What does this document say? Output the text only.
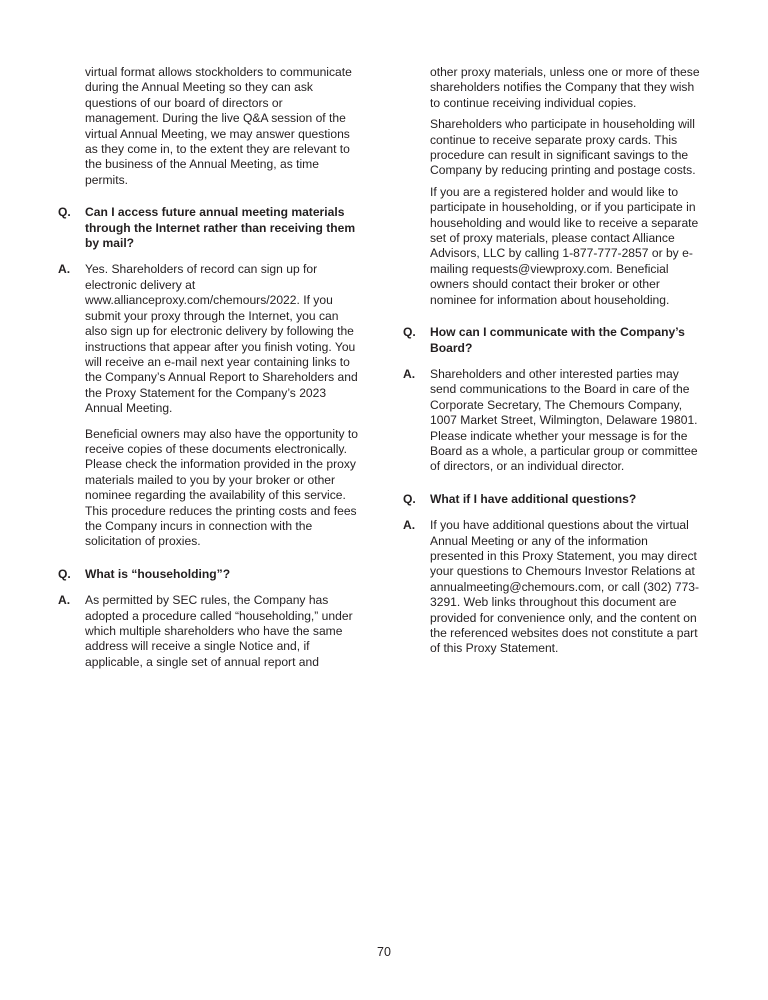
virtual format allows stockholders to communicate during the Annual Meeting so they can ask questions of our board of directors or management. During the live Q&A session of the virtual Annual Meeting, we may answer questions as they come in, to the extent they are relevant to the business of the Annual Meeting, as time permits.

Q. Can I access future annual meeting materials through the Internet rather than receiving them by mail?
A. Yes. Shareholders of record can sign up for electronic delivery at www.allianceproxy.com/chemours/2022. If you submit your proxy through the Internet, you can also sign up for electronic delivery by following the instructions that appear after you finish voting. You will receive an e-mail next year containing links to the Company’s Annual Report to Shareholders and the Proxy Statement for the Company’s 2023 Annual Meeting.

Beneficial owners may also have the opportunity to receive copies of these documents electronically. Please check the information provided in the proxy materials mailed to you by your broker or other nominee regarding the availability of this service. This procedure reduces the printing costs and fees the Company incurs in connection with the solicitation of proxies.

Q. What is “householding”?
A. As permitted by SEC rules, the Company has adopted a procedure called “householding,” under which multiple shareholders who have the same address will receive a single Notice and, if applicable, a single set of annual report and

other proxy materials, unless one or more of these shareholders notifies the Company that they wish to continue receiving individual copies.

Shareholders who participate in householding will continue to receive separate proxy cards. This procedure can result in significant savings to the Company by reducing printing and postage costs.

If you are a registered holder and would like to participate in householding, or if you participate in householding and would like to receive a separate set of proxy materials, please contact Alliance Advisors, LLC by calling 1-877-777-2857 or by e-mailing requests@viewproxy.com. Beneficial owners should contact their broker or other nominee for information about householding.

Q. How can I communicate with the Company’s Board?
A. Shareholders and other interested parties may send communications to the Board in care of the Corporate Secretary, The Chemours Company, 1007 Market Street, Wilmington, Delaware 19801. Please indicate whether your message is for the Board as a whole, a particular group or committee of directors, or an individual director.
Q. What if I have additional questions?
A. If you have additional questions about the virtual Annual Meeting or any of the information presented in this Proxy Statement, you may direct your questions to Chemours Investor Relations at annualmeeting@chemours.com, or call (302) 773-3291. Web links throughout this document are provided for convenience only, and the content on the referenced websites does not constitute a part of this Proxy Statement.
70
